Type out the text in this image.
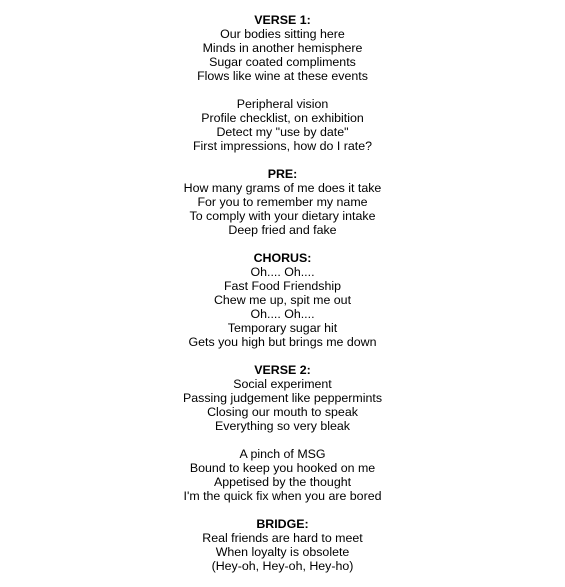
VERSE 1:
Our bodies sitting here
Minds in another hemisphere
Sugar coated compliments
Flows like wine at these events
Peripheral vision
Profile checklist, on exhibition
Detect my "use by date"
First impressions, how do I rate?
PRE:
How many grams of me does it take
For you to remember my name
To comply with your dietary intake
Deep fried and fake
CHORUS:
Oh.... Oh....
Fast Food Friendship
Chew me up, spit me out
Oh.... Oh....
Temporary sugar hit
Gets you high but brings me down
VERSE 2:
Social experiment
Passing judgement like peppermints
Closing our mouth to speak
Everything so very bleak
A pinch of MSG
Bound to keep you hooked on me
Appetised by the thought
I'm the quick fix when you are bored
BRIDGE:
Real friends are hard to meet
When loyalty is obsolete
(Hey-oh, Hey-oh, Hey-ho)
